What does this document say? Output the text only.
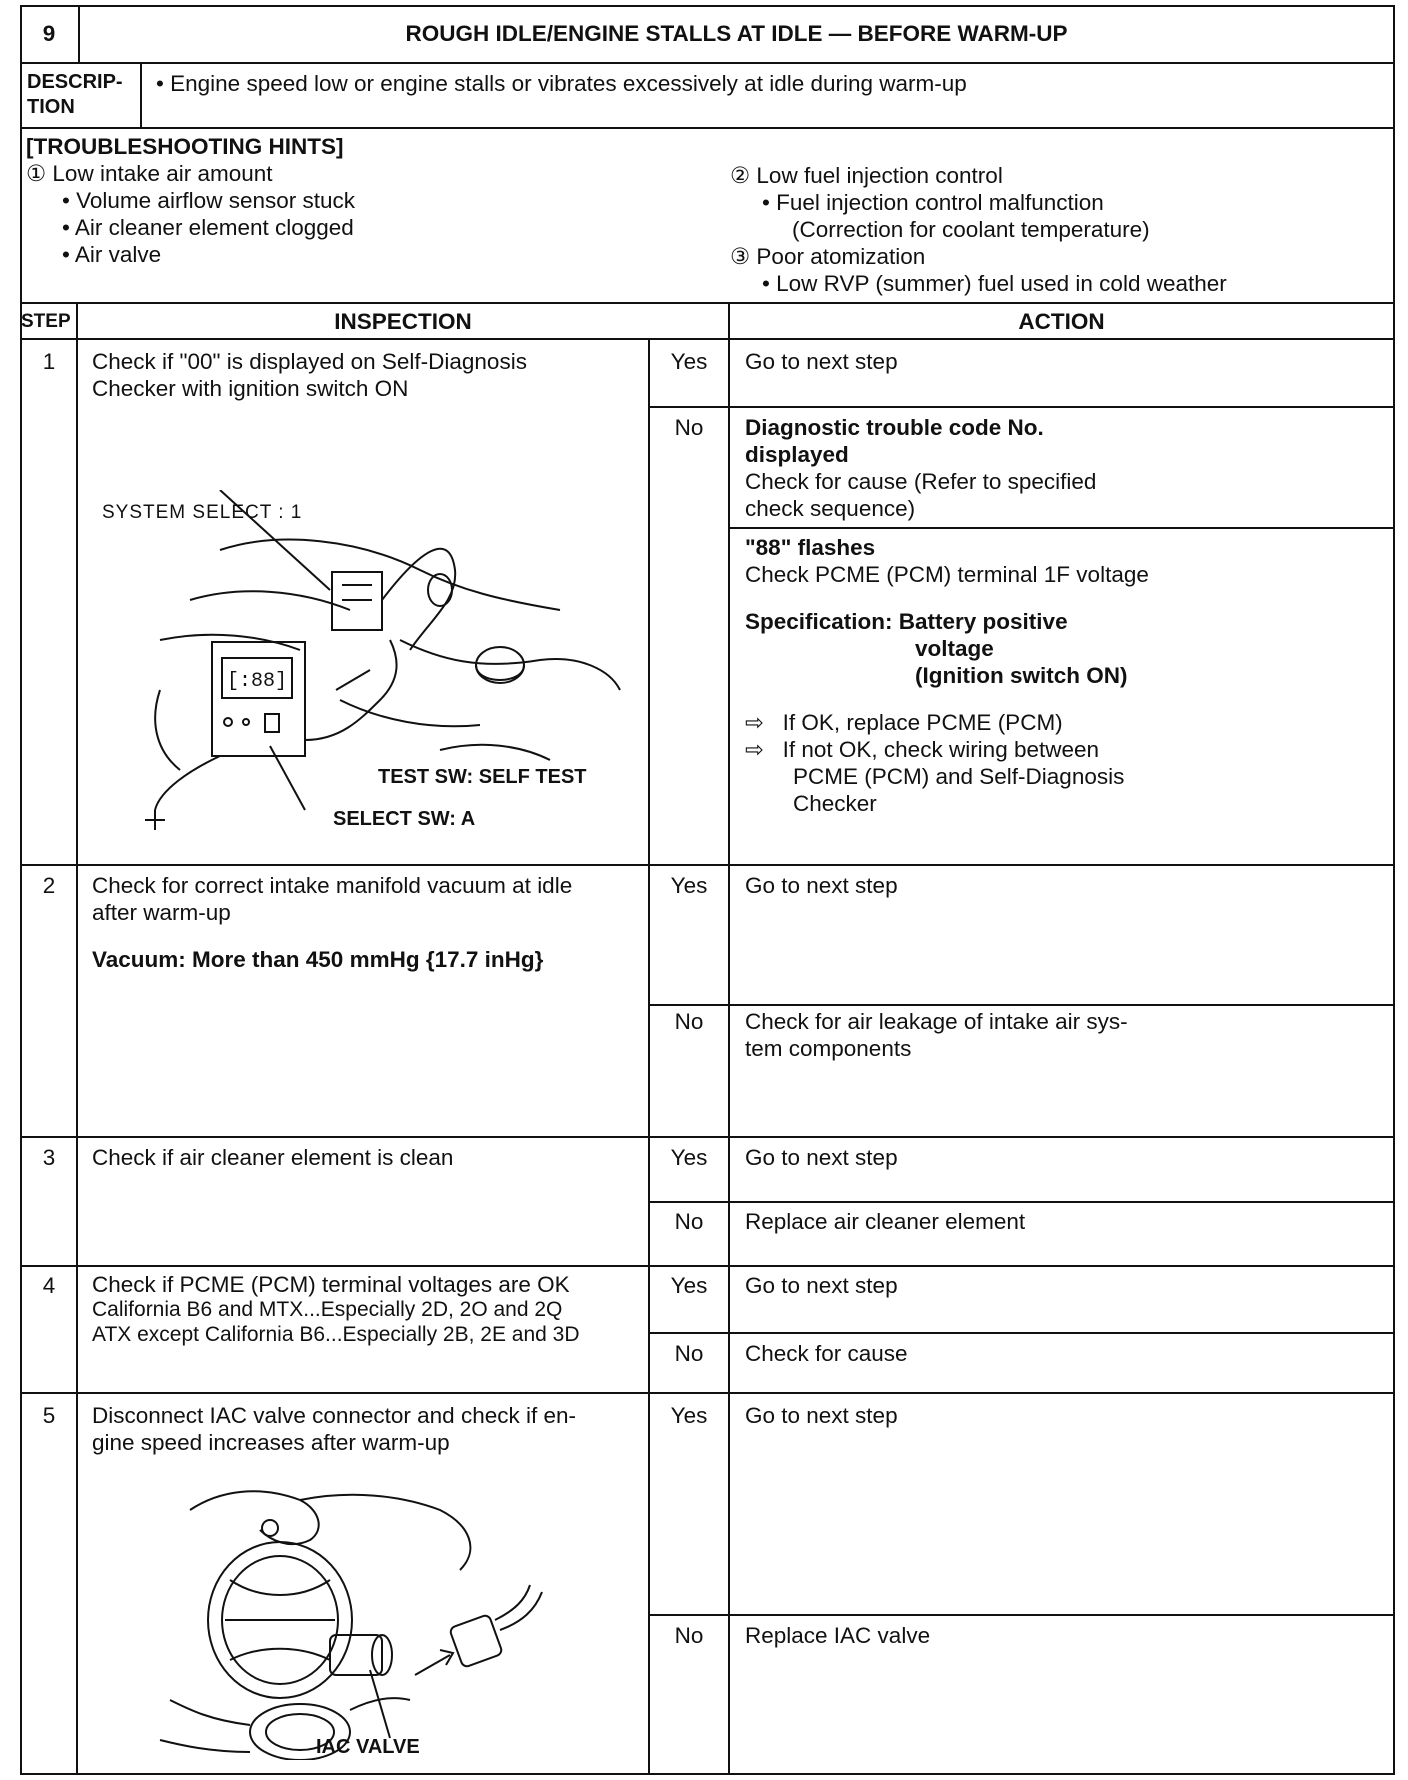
9	ROUGH IDLE/ENGINE STALLS AT IDLE — BEFORE WARM-UP
DESCRIP-
TION
• Engine speed low or engine stalls or vibrates excessively at idle during warm-up
[TROUBLESHOOTING HINTS]
① Low intake air amount
• Volume airflow sensor stuck
• Air cleaner element clogged
• Air valve
② Low fuel injection control
• Fuel injection control malfunction
(Correction for coolant temperature)
③ Poor atomization
• Low RVP (summer) fuel used in cold weather
STEP	INSPECTION	ACTION
1	Check if "00" is displayed on Self-Diagnosis
Checker with ignition switch ON
[:88]
SYSTEM SELECT : 1
TEST SW: SELF TEST
SELECT SW: A
Yes	Go to next step
No	Diagnostic trouble code No.
displayed
Check for cause (Refer to specified
check sequence)
"88" flashes
Check PCME (PCM) terminal 1F voltage
Specification: Battery positive
voltage
(Ignition switch ON)
⇨ If OK, replace PCME (PCM)
⇨ If not OK, check wiring between
PCME (PCM) and Self-Diagnosis
Checker
2	Check for correct intake manifold vacuum at idle
after warm-up
Vacuum: More than 450 mmHg {17.7 inHg}
Yes	Go to next step
No	Check for air leakage of intake air sys-
tem components
3	Check if air cleaner element is clean	Yes	Go to next step
No	Replace air cleaner element
4	Check if PCME (PCM) terminal voltages are OK
California B6 and MTX...Especially 2D, 2O and 2Q
ATX except California B6...Especially 2B, 2E and 3D
Yes	Go to next step
No	Check for cause
5	Disconnect IAC valve connector and check if en-
gine speed increases after warm-up
IAC VALVE
Yes	Go to next step
No	Replace IAC valve
